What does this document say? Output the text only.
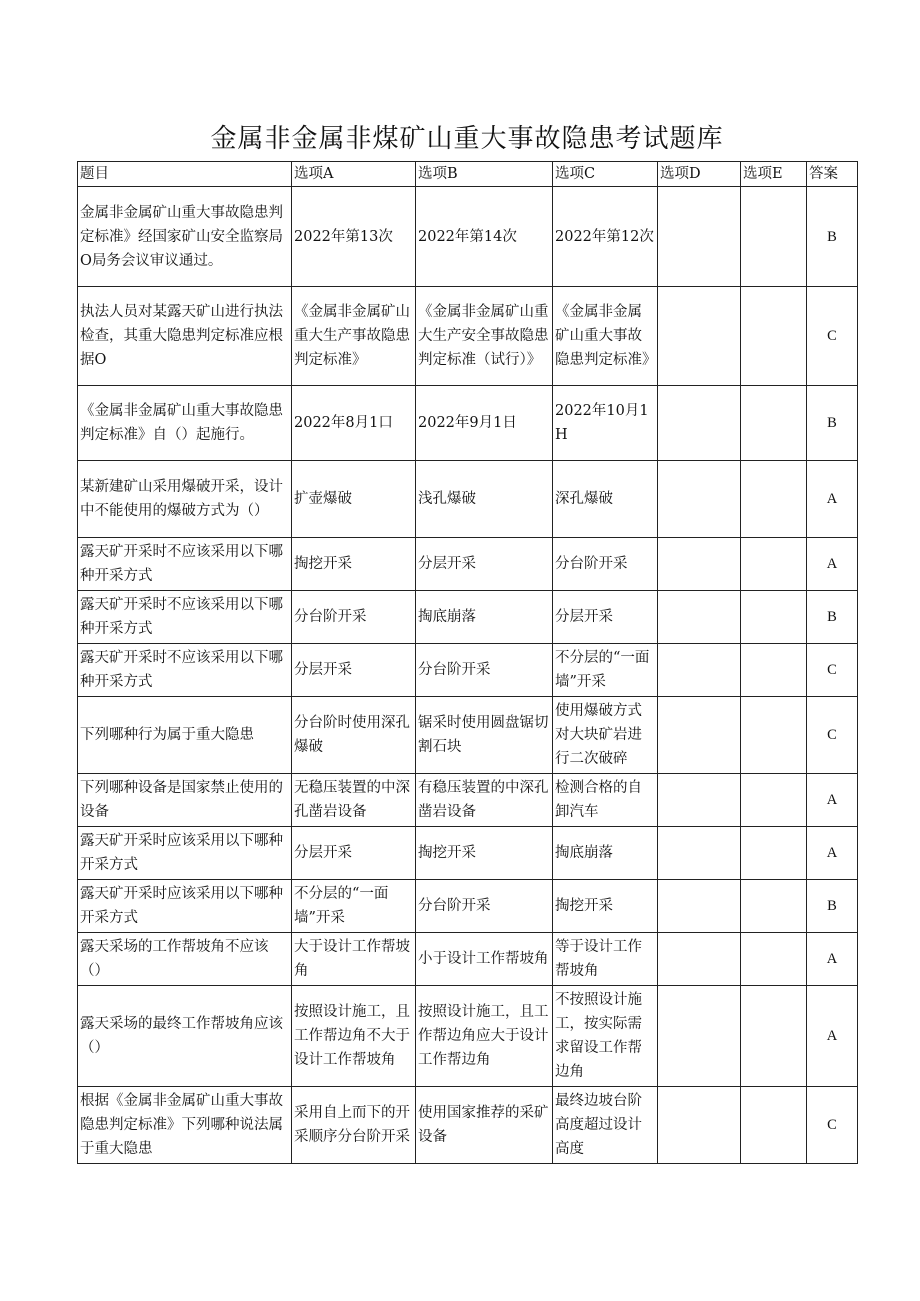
金属非金属非煤矿山重大事故隐患考试题库
题目	选项A	选项B	选项C	选项D	选项E	答案
金属非金属矿山重大事故隐患判定标准》经国家矿山安全监察局O局务会议审议通过。	2022年第13次	2022年第14次	2022年第12次			B
执法人员对某露天矿山进行执法检查，其重大隐患判定标准应根据O	《金属非金属矿山重大生产事故隐患判定标准》	《金属非金属矿山重大生产安全事故隐患判定标准（试行）》	《金属非金属矿山重大事故隐患判定标准》			C
《金属非金属矿山重大事故隐患判定标准》自（）起施行。	2022年8月1口	2022年9月1日	2022年10月1H			B
某新建矿山采用爆破开采，设计中不能使用的爆破方式为（）	扩壶爆破	浅孔爆破	深孔爆破			A
露天矿开采时不应该采用以下哪种开采方式	掏挖开采	分层开采	分台阶开采			A
露天矿开采时不应该采用以下哪种开采方式	分台阶开采	掏底崩落	分层开采			B
露天矿开采时不应该采用以下哪种开采方式	分层开采	分台阶开采	不分层的“一面墙”开采			C
下列哪种行为属于重大隐患	分台阶时使用深孔爆破	锯采时使用圆盘锯切割石块	使用爆破方式对大块矿岩进行二次破碎			C
下列哪种设备是国家禁止使用的设备	无稳压装置的中深孔凿岩设备	有稳压装置的中深孔凿岩设备	检测合格的自卸汽车			A
露天矿开采时应该采用以下哪种开采方式	分层开采	掏挖开采	掏底崩落			A
露天矿开采时应该采用以下哪种开采方式	不分层的“一面墙”开采	分台阶开采	掏挖开采			B
露天采场的工作帮坡角不应该（）	大于设计工作帮坡角	小于设计工作帮坡角	等于设计工作帮坡角			A
露天采场的最终工作帮坡角应该（）	按照设计施工，且工作帮边角不大于设计工作帮坡角	按照设计施工，且工作帮边角应大于设计工作帮边角	不按照设计施工，按实际需求留设工作帮边角			A
根据《金属非金属矿山重大事故隐患判定标准》下列哪种说法属于重大隐患	采用自上而下的开采顺序分台阶开采	使用国家推荐的采矿设备	最终边坡台阶高度超过设计高度			C
